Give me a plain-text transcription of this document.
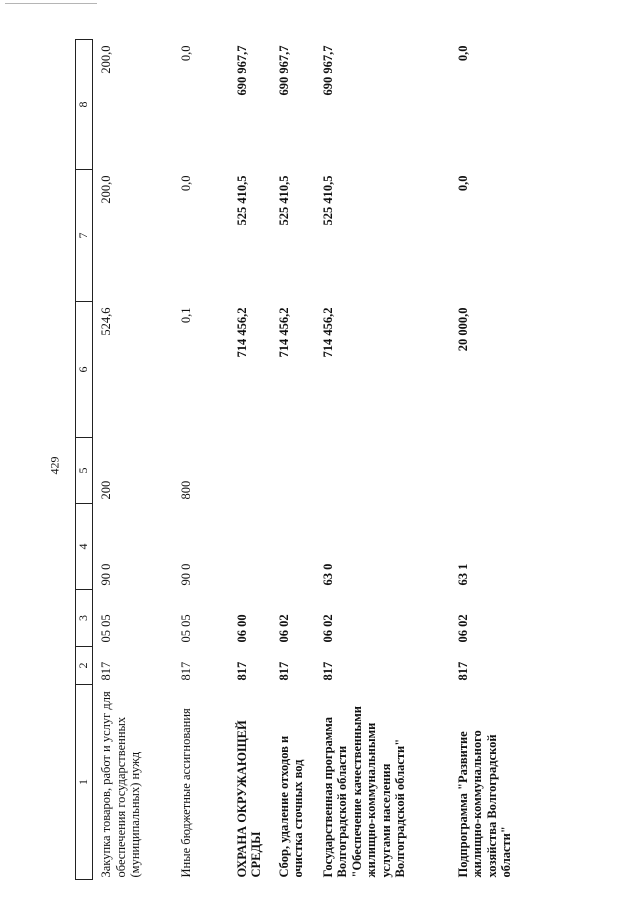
429
1	2	3	4	5	6	7	8
Закупка товаров, работ и услуг для обеспечения государственных (муниципальных) нужд	817	05 05	90 0	200	524,6	200,0	200,0
Иные бюджетные ассигнования	817	05 05	90 0	800	0,1	0,0	0,0
ОХРАНА ОКРУЖАЮЩЕЙ СРЕДЫ	817	06 00			714 456,2	525 410,5	690 967,7
Сбор, удаление отходов и очистка сточных вод	817	06 02			714 456,2	525 410,5	690 967,7
Государственная программа Волгоградской области "Обеспечение качественными жилищно-коммунальными услугами населения Волгоградской области"	817	06 02	63 0		714 456,2	525 410,5	690 967,7
Подпрограмма "Развитие жилищно-коммунального хозяйства Волгоградской области"	817	06 02	63 1		20 000,0	0,0	0,0
